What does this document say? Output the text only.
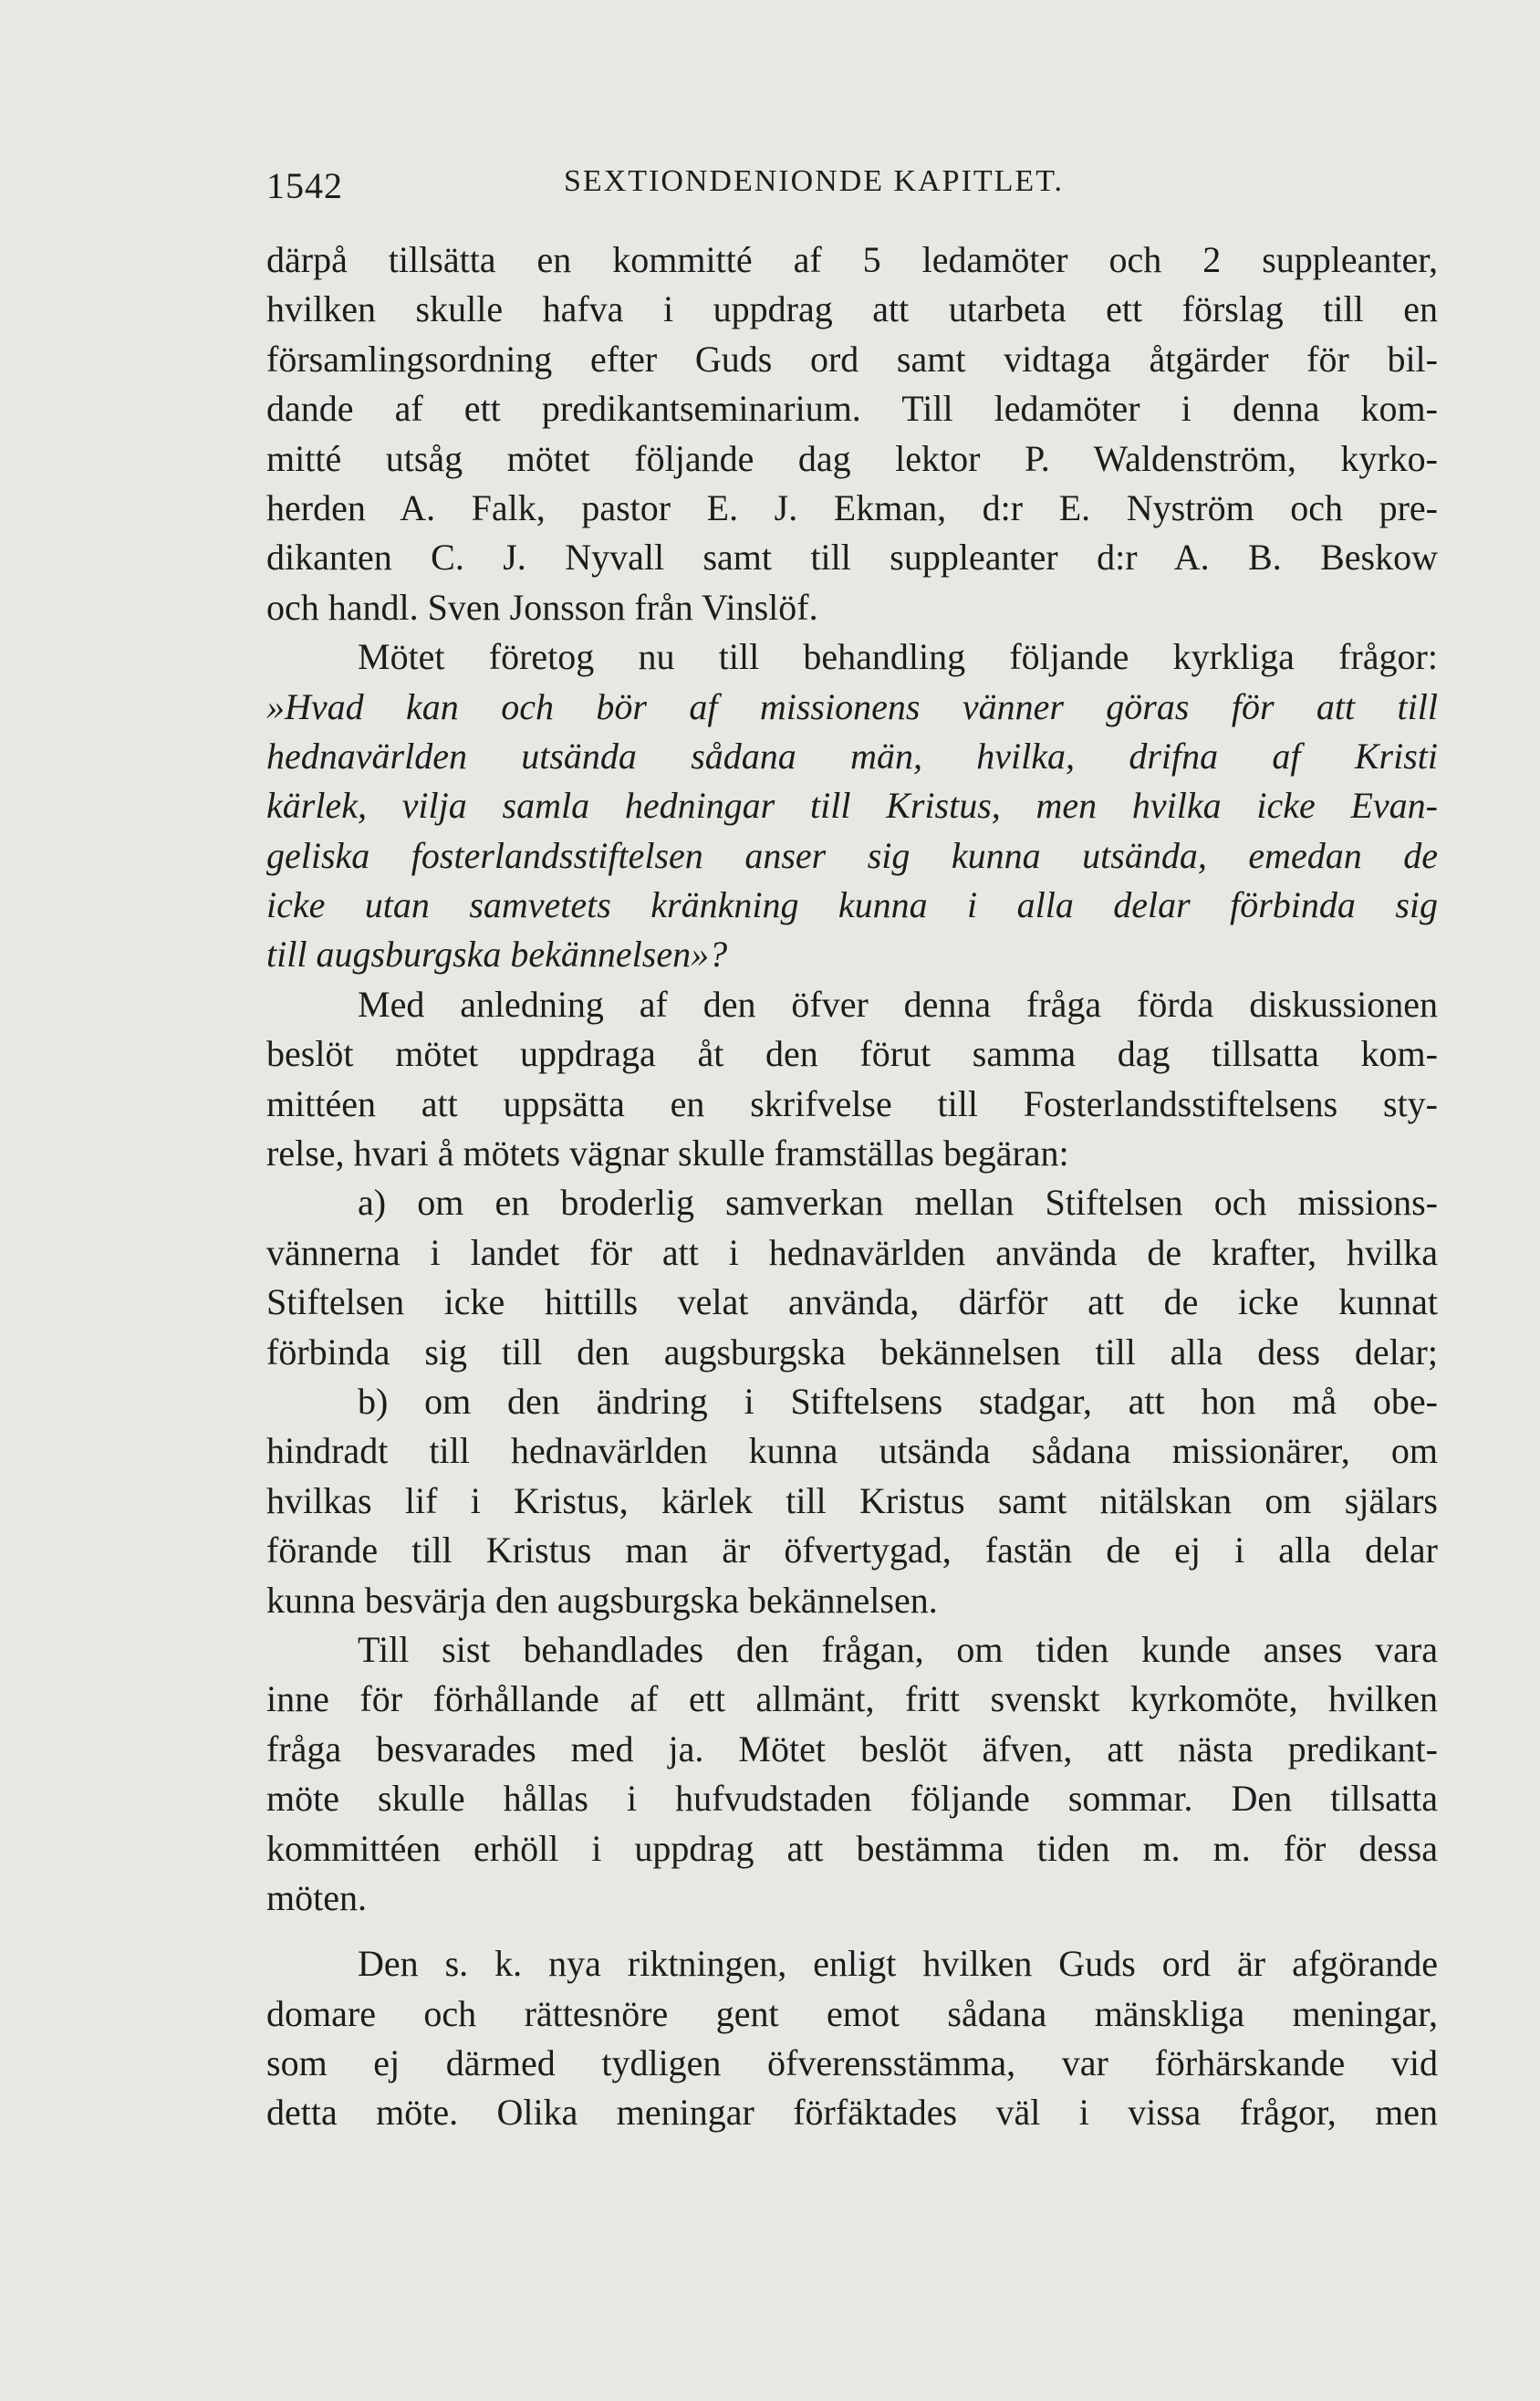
1542	SEXTIONDENIONDE KAPITLET.
därpå tillsätta en kommitté af 5 ledamöter och 2 suppleanter,
hvilken skulle hafva i uppdrag att utarbeta ett förslag till en
församlingsordning efter Guds ord samt vidtaga åtgärder för bil-
dande af ett predikantseminarium. Till ledamöter i denna kom-
mitté utsåg mötet följande dag lektor P. Waldenström, kyrko-
herden A. Falk, pastor E. J. Ekman, d:r E. Nyström och pre-
dikanten C. J. Nyvall samt till suppleanter d:r A. B. Beskow
och handl. Sven Jonsson från Vinslöf.
Mötet företog nu till behandling följande kyrkliga frågor:
»Hvad kan och bör af missionens vänner göras för att till
hednavärlden utsända sådana män, hvilka, drifna af Kristi
kärlek, vilja samla hedningar till Kristus, men hvilka icke Evan-
geliska fosterlandsstiftelsen anser sig kunna utsända, emedan de
icke utan samvetets kränkning kunna i alla delar förbinda sig
till augsburgska bekännelsen»?
Med anledning af den öfver denna fråga förda diskussionen
beslöt mötet uppdraga åt den förut samma dag tillsatta kom-
mittéen att uppsätta en skrifvelse till Fosterlandsstiftelsens sty-
relse, hvari å mötets vägnar skulle framställas begäran:
a) om en broderlig samverkan mellan Stiftelsen och missions-
vännerna i landet för att i hednavärlden använda de krafter, hvilka
Stiftelsen icke hittills velat använda, därför att de icke kunnat
förbinda sig till den augsburgska bekännelsen till alla dess delar;
b) om den ändring i Stiftelsens stadgar, att hon må obe-
hindradt till hednavärlden kunna utsända sådana missionärer, om
hvilkas lif i Kristus, kärlek till Kristus samt nitälskan om själars
förande till Kristus man är öfvertygad, fastän de ej i alla delar
kunna besvärja den augsburgska bekännelsen.
Till sist behandlades den frågan, om tiden kunde anses vara
inne för förhållande af ett allmänt, fritt svenskt kyrkomöte, hvilken
fråga besvarades med ja. Mötet beslöt äfven, att nästa predikant-
möte skulle hållas i hufvudstaden följande sommar. Den tillsatta
kommittéen erhöll i uppdrag att bestämma tiden m. m. för dessa
möten.
Den s. k. nya riktningen, enligt hvilken Guds ord är afgörande
domare och rättesnöre gent emot sådana mänskliga meningar,
som ej därmed tydligen öfverensstämma, var förhärskande vid
detta möte. Olika meningar förfäktades väl i vissa frågor, men
